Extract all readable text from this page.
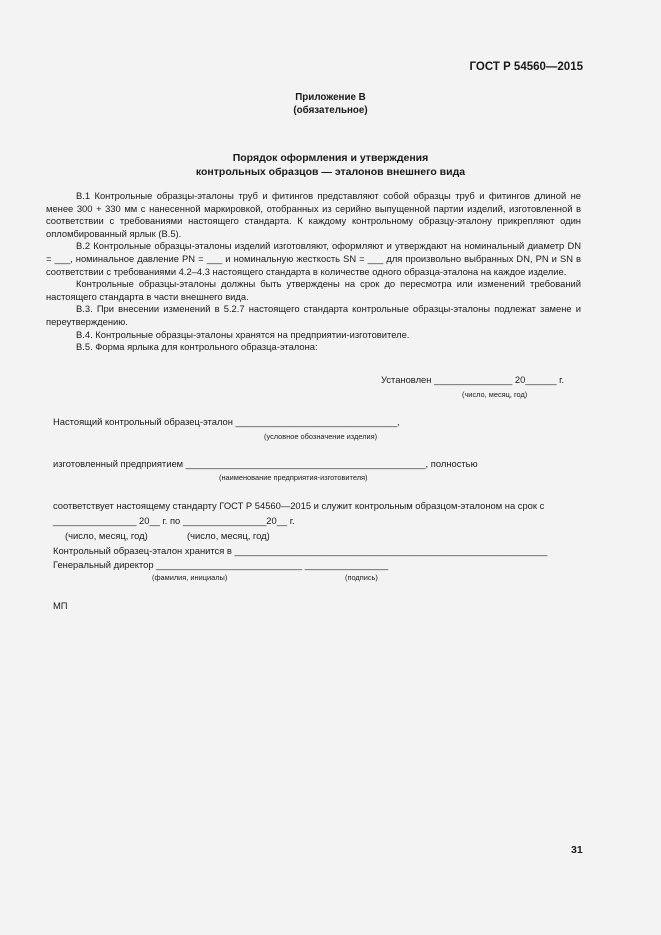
ГОСТ Р 54560—2015
Приложение В
(обязательное)
Порядок оформления и утверждения
контрольных образцов — эталонов внешнего вида

В.1 Контрольные образцы-эталоны труб и фитингов представляют собой образцы труб и фитингов длиной не менее 300 + 330 мм с нанесенной маркировкой, отобранных из серийно выпущенной партии изделий, изготовленной в соответствии с требованиями настоящего стандарта. К каждому контрольному образцу-эталону прикрепляют один опломбированный ярлык (В.5).

В.2 Контрольные образцы-эталоны изделий изготовляют, оформляют и утверждают на номинальный диаметр DN = ___, номинальное давление PN = ___ и номинальную жесткость SN = ___ для произвольно выбранных DN, PN и SN в соответствии с требованиями 4.2–4.3 настоящего стандарта в количестве одного образца-эталона на каждое изделие.

Контрольные образцы-эталоны должны быть утверждены на срок до пересмотра или изменений требований настоящего стандарта в части внешнего вида.

В.3. При внесении изменений в 5.2.7 настоящего стандарта контрольные образцы-эталоны подлежат замене и переутверждению.

В.4. Контрольные образцы-эталоны хранятся на предприятии-изготовителе.

В.5. Форма ярлыка для контрольного образца-эталона:

Установлен _______________ 20______ г.
(число, месяц, год)
Настоящий контрольный образец-эталон _______________________________,
(условное обозначение изделия)
изготовленный предприятием ______________________________________________, полностью
(наименование предприятия-изготовителя)
соответствует настоящему стандарту ГОСТ Р 54560—2015 и служит контрольным образцом-эталоном на срок с
________________ 20__ г. по ________________20__ г.
(число, месяц, год)	(число, месяц, год)
Контрольный образец-эталон хранится в ____________________________________________________________
Генеральный директор ____________________________ ________________
(фамилия, инициалы)	(подпись)
МП
31
